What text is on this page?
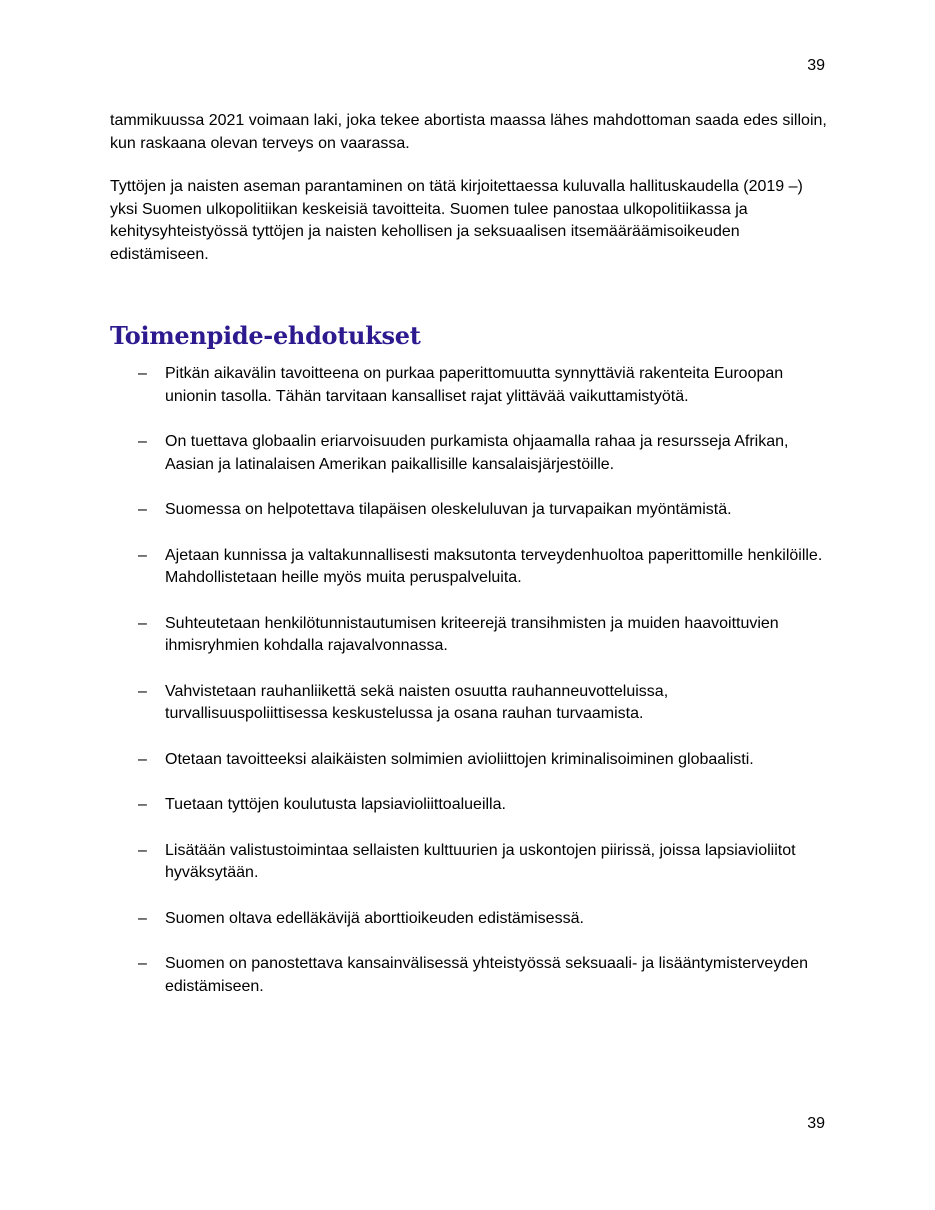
39

tammikuussa 2021 voimaan laki, joka tekee abortista maassa lähes mahdottoman saada edes silloin, kun raskaana olevan terveys on vaarassa.

Tyttöjen ja naisten aseman parantaminen on tätä kirjoitettaessa kuluvalla hallituskaudella (2019 –) yksi Suomen ulkopolitiikan keskeisiä tavoitteita. Suomen tulee panostaa ulkopolitiikassa ja kehitysyhteistyössä tyttöjen ja naisten kehollisen ja seksuaalisen itsemääräämisoikeuden edistämiseen.

Toimenpide-ehdotukset
– Pitkän aikavälin tavoitteena on purkaa paperittomuutta synnyttäviä rakenteita Euroopan unionin tasolla. Tähän tarvitaan kansalliset rajat ylittävää vaikuttamistyötä.
– On tuettava globaalin eriarvoisuuden purkamista ohjaamalla rahaa ja resursseja Afrikan, Aasian ja latinalaisen Amerikan paikallisille kansalaisjärjestöille.
– Suomessa on helpotettava tilapäisen oleskeluluvan ja turvapaikan myöntämistä.
– Ajetaan kunnissa ja valtakunnallisesti maksutonta terveydenhuoltoa paperittomille henkilöille. Mahdollistetaan heille myös muita peruspalveluita.
– Suhteutetaan henkilötunnistautumisen kriteerejä transihmisten ja muiden haavoittuvien ihmisryhmien kohdalla rajavalvonnassa.
– Vahvistetaan rauhanliikettä sekä naisten osuutta rauhanneuvotteluissa, turvallisuuspoliittisessa keskustelussa ja osana rauhan turvaamista.
– Otetaan tavoitteeksi alaikäisten solmimien avioliittojen kriminalisoiminen globaalisti.
– Tuetaan tyttöjen koulutusta lapsiavioliittoalueilla.
– Lisätään valistustoimintaa sellaisten kulttuurien ja uskontojen piirissä, joissa lapsiavioliitot hyväksytään.
– Suomen oltava edelläkävijä aborttioikeuden edistämisessä.
– Suomen on panostettava kansainvälisessä yhteistyössä seksuaali- ja lisääntymisterveyden edistämiseen.
39
